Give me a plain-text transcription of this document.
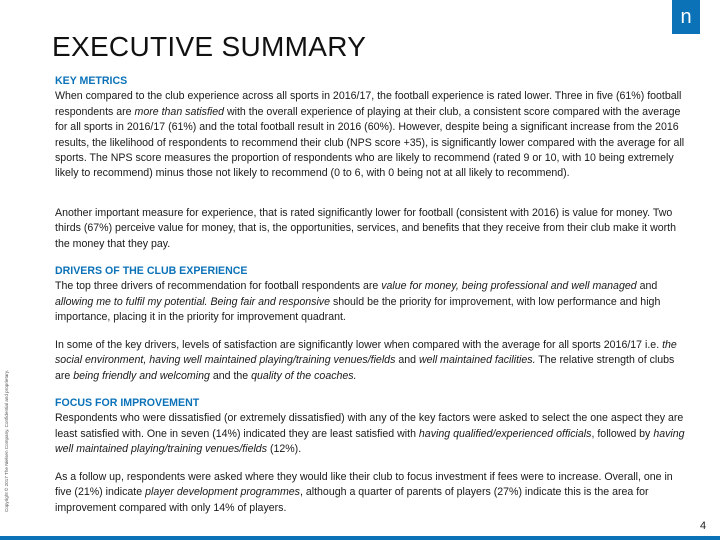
n
EXECUTIVE SUMMARY
KEY METRICS

When compared to the club experience across all sports in 2016/17, the football experience is rated lower. Three in five (61%) football respondents are more than satisfied with the overall experience of playing at their club, a consistent score compared with the average for all sports in 2016/17 (61%) and the total football result in 2016 (60%). However, despite being a significant increase from the 2016 results, the likelihood of respondents to recommend their club (NPS score +35), is significantly lower compared with the average for all sports. The NPS score measures the proportion of respondents who are likely to recommend (rated 9 or 10, with 10 being extremely likely to recommend) minus those not likely to recommend (0 to 6, with 0 being not at all likely to recommend).

Another important measure for experience, that is rated significantly lower for football (consistent with 2016) is value for money. Two thirds (67%) perceive value for money, that is, the opportunities, services, and benefits that they receive from their club make it worth the money that they pay.

DRIVERS OF THE CLUB EXPERIENCE

The top three drivers of recommendation for football respondents are value for money, being professional and well managed and allowing me to fulfil my potential. Being fair and responsive should be the priority for improvement, with low performance and high importance, placing it in the priority for improvement quadrant.

In some of the key drivers, levels of satisfaction are significantly lower when compared with the average for all sports 2016/17 i.e. the social environment, having well maintained playing/training venues/fields and well maintained facilities. The relative strength of clubs are being friendly and welcoming and the quality of the coaches.

FOCUS FOR IMPROVEMENT

Respondents who were dissatisfied (or extremely dissatisfied) with any of the key factors were asked to select the one aspect they are least satisfied with. One in seven (14%) indicated they are least satisfied with having qualified/experienced officials, followed by having well maintained playing/training venues/fields (12%).

As a follow up, respondents were asked where they would like their club to focus investment if fees were to increase. Overall, one in five (21%) indicate player development programmes, although a quarter of parents of players (27%) indicate this is the area for improvement compared with only 14% of players.

Copyright © 2017 The Nielsen Company. Confidential and proprietary.
4
